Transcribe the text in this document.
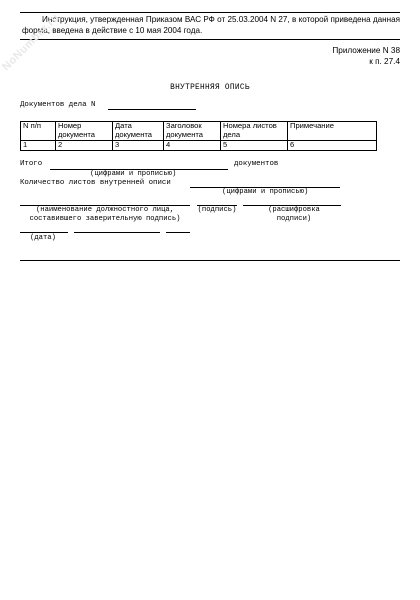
Инструкция, утвержденная Приказом ВАС РФ от 25.03.2004 N 27, в которой приведена данная форма, введена в действие с 10 мая 2004 года.
NoNumber.ru	Приложение N 38
к п. 27.4
ВНУТРЕННЯЯ ОПИСЬ
Документов дела N
N п/п	Номер документа	Дата документа	Заголовок документа	Номера листов дела	Примечание
1	2	3	4	5	6
Итого	документов
(цифрами и прописью)
Количество листов внутренней описи
(цифрами и прописью)
(наименование должностного лица,
составившего заверительную подпись)
(подпись)	(расшифровка
подписи)
(дата)
